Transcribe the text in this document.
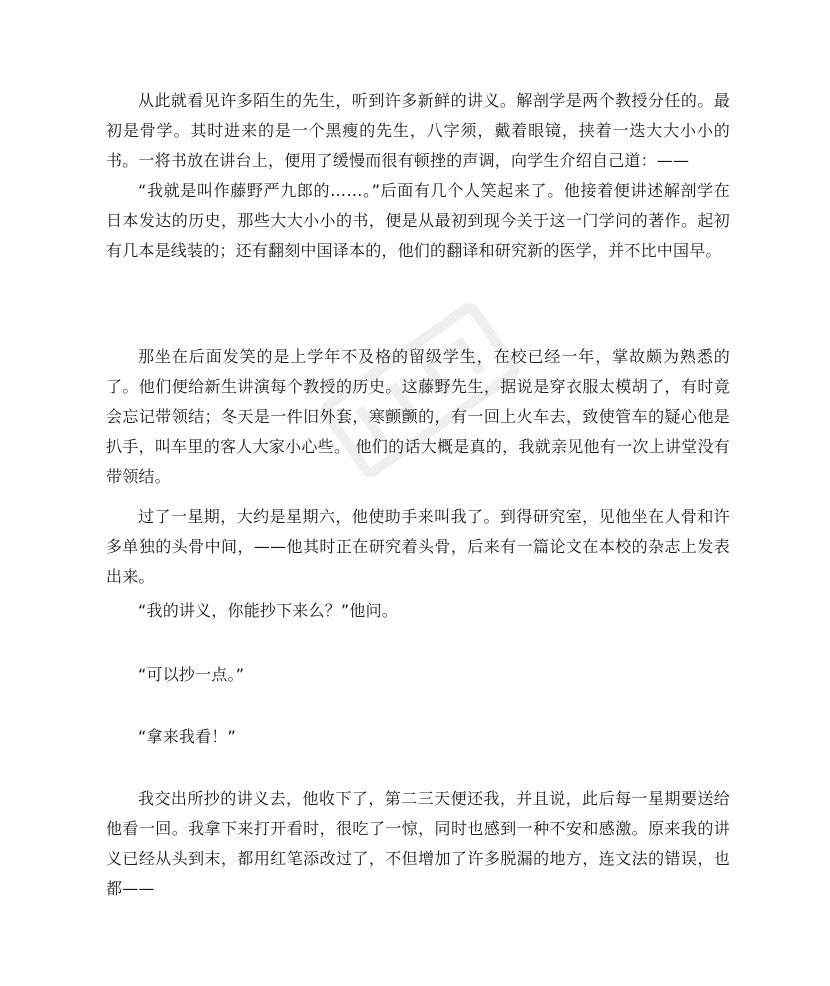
从此就看见许多陌生的先生，听到许多新鲜的讲义。解剖学是两个教授分任的。最初是骨学。其时进来的是一个黑瘦的先生，八字须，戴着眼镜，挟着一迭大大小小的书。一将书放在讲台上，便用了缓慢而很有顿挫的声调，向学生介绍自己道：——

“我就是叫作藤野严九郎的……。”后面有几个人笑起来了。他接着便讲述解剖学在日本发达的历史，那些大大小小的书，便是从最初到现今关于这一门学问的著作。起初有几本是线装的；还有翻刻中国译本的，他们的翻译和研究新的医学，并不比中国早。

那坐在后面发笑的是上学年不及格的留级学生，在校已经一年，掌故颇为熟悉的了。他们便给新生讲演每个教授的历史。这藤野先生，据说是穿衣服太模胡了，有时竟会忘记带领结；冬天是一件旧外套，寒颤颤的，有一回上火车去，致使管车的疑心他是扒手，叫车里的客人大家小心些。 他们的话大概是真的，我就亲见他有一次上讲堂没有带领结。

过了一星期，大约是星期六，他使助手来叫我了。到得研究室，见他坐在人骨和许多单独的头骨中间，——他其时正在研究着头骨，后来有一篇论文在本校的杂志上发表出来。

“我的讲义，你能抄下来么？”他问。

“可以抄一点。”

“拿来我看！”

我交出所抄的讲义去，他收下了，第二三天便还我，并且说，此后每一星期要送给他看一回。我拿下来打开看时，很吃了一惊，同时也感到一种不安和感激。原来我的讲义已经从头到末，都用红笔添改过了，不但增加了许多脱漏的地方，连文法的错误，也都——
